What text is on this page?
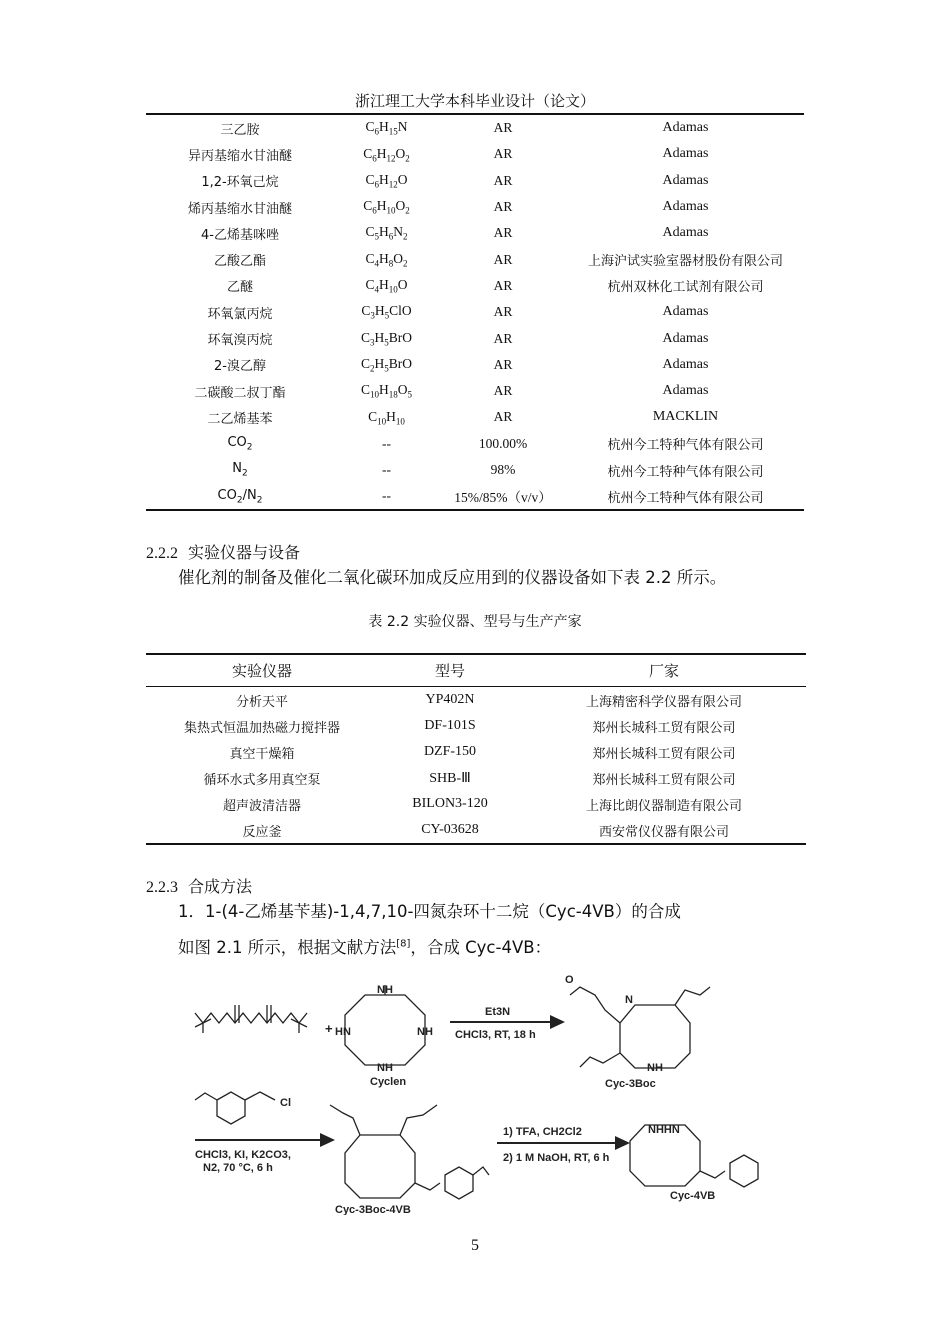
浙江理工大学本科毕业设计（论文）
三乙胺	$C_6H_{15}N$	AR	Adamas
异丙基缩水甘油醚	$C_6H_{12}O_2$	AR	Adamas
1,2-环氧己烷	$C_6H_{12}O$	AR	Adamas
烯丙基缩水甘油醚	$C_6H_{10}O_2$	AR	Adamas
4-乙烯基咪唑	$C_5H_6N_2$	AR	Adamas
乙酸乙酯	$C_4H_8O_2$	AR	上海沪试实验室器材股份有限公司
乙醚	$C_4H_{10}O$	AR	杭州双林化工试剂有限公司
环氧氯丙烷	$C_3H_5ClO$	AR	Adamas
环氧溴丙烷	$C_3H_5BrO$	AR	Adamas
2-溴乙醇	$C_2H_5BrO$	AR	Adamas
二碳酸二叔丁酯	$C_{10}H_{18}O_5$	AR	Adamas
二乙烯基苯	$C_{10}H_{10}$	AR	MACKLIN
$CO_2$	--	100.00%	杭州今工特种气体有限公司
$N_2$	--	98%	杭州今工特种气体有限公司
$CO_2/N_2$	--	15%/85%（v/v）	杭州今工特种气体有限公司
2.2.2 实验仪器与设备
催化剂的制备及催化二氧化碳环加成反应用到的仪器设备如下表 2.2 所示。
表 2.2 实验仪器、型号与生产产家
实验仪器	型号	厂家
分析天平	YP402N	上海精密科学仪器有限公司
集热式恒温加热磁力搅拌器	DF-101S	郑州长城科工贸有限公司
真空干燥箱	DZF-150	郑州长城科工贸有限公司
循环水式多用真空泵	SHB-Ⅲ	郑州长城科工贸有限公司
超声波清洁器	BILON3-120	上海比朗仪器制造有限公司
反应釜	CY-03628	西安常仪仪器有限公司
2.2.3 合成方法
1．1-(4-乙烯基苄基)-1,4,7,10-四氮杂环十二烷（Cyc-4VB）的合成
如图 2.1 所示，根据文献方法[8]，合成 Cyc-4VB：
+
NH
HN	NH
NH
Cyclen
Et3N
CHCl3, RT, 18 h
N
NH
Cyc-3Boc
O
Cl
CHCl3, KI, K2CO3,
N2, 70 °C, 6 h
Cyc-3Boc-4VB
1) TFA, CH2Cl2
2) 1 M NaOH, RT, 6 h
NHHN
Cyc-4VB
5
